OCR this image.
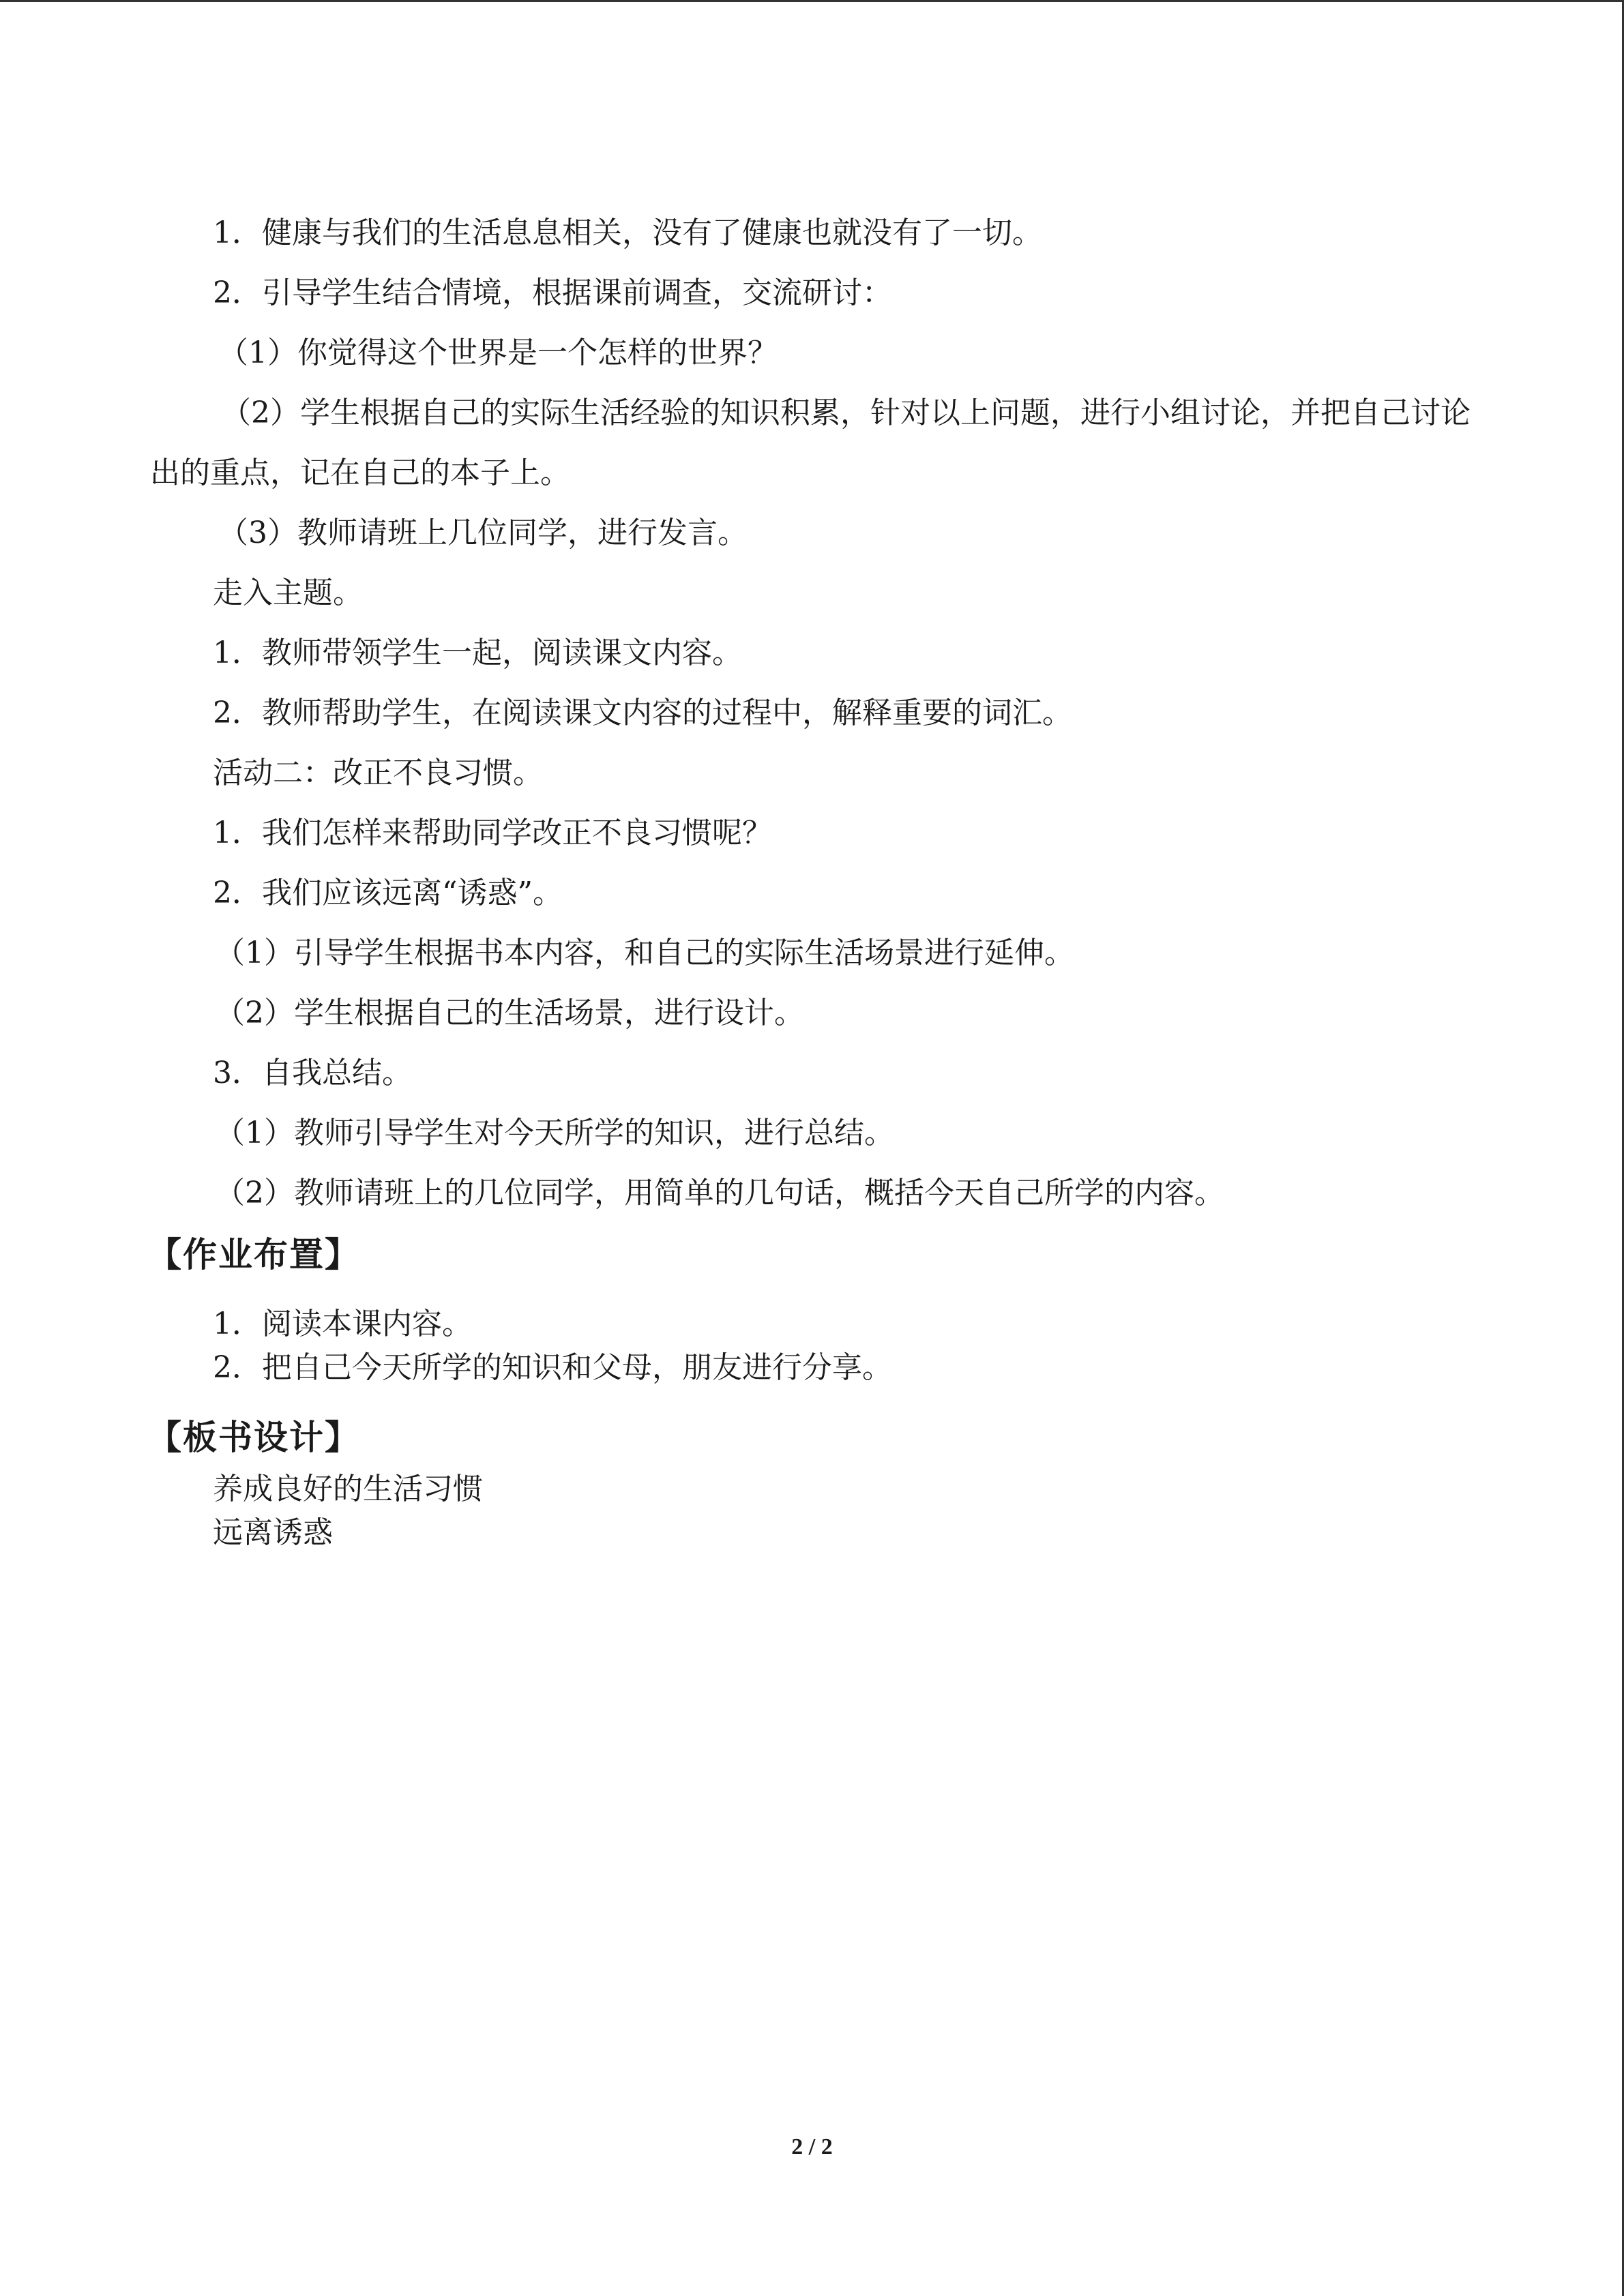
1．健康与我们的生活息息相关，没有了健康也就没有了一切。

2．引导学生结合情境，根据课前调查，交流研讨：

（1）你觉得这个世界是一个怎样的世界？

（2）学生根据自己的实际生活经验的知识积累，针对以上问题，进行小组讨论，并把自己讨论出的重点，记在自己的本子上。

（3）教师请班上几位同学，进行发言。

走入主题。

1．教师带领学生一起，阅读课文内容。

2．教师帮助学生，在阅读课文内容的过程中，解释重要的词汇。

活动二：改正不良习惯。

1．我们怎样来帮助同学改正不良习惯呢？

2．我们应该远离“诱惑”。

（1）引导学生根据书本内容，和自己的实际生活场景进行延伸。

（2）学生根据自己的生活场景，进行设计。

3．自我总结。

（1）教师引导学生对今天所学的知识，进行总结。

（2）教师请班上的几位同学，用简单的几句话，概括今天自己所学的内容。

【作业布置】

1．阅读本课内容。

2．把自己今天所学的知识和父母，朋友进行分享。

【板书设计】

养成良好的生活习惯

远离诱惑

2 / 2
